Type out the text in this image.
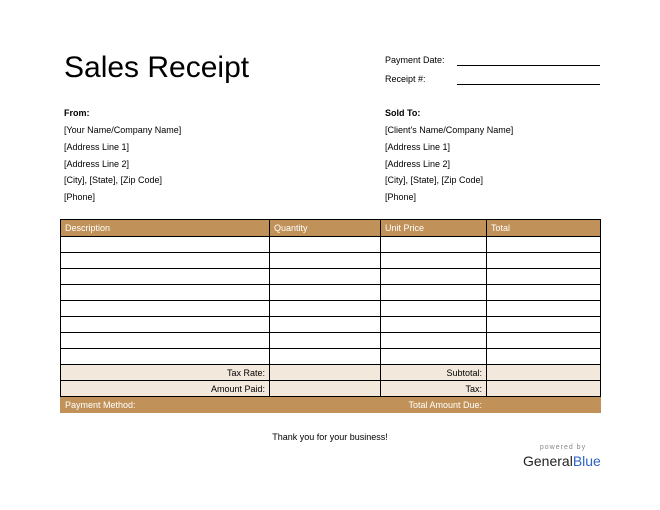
Sales Receipt	Payment Date:
Receipt #:
From:
[Your Name/Company Name]
[Address Line 1]
[Address Line 2]
[City], [State], [Zip Code]
[Phone]
Sold To:
[Client's Name/Company Name]
[Address Line 1]
[Address Line 2]
[City], [State], [Zip Code]
[Phone]
Description	Quantity	Unit Price	Total

Tax Rate:		Subtotal:	
Amount Paid:		Tax:	
Payment Method:		Total Amount Due:	
Thank you for your business!
powered by
GeneralBlue
